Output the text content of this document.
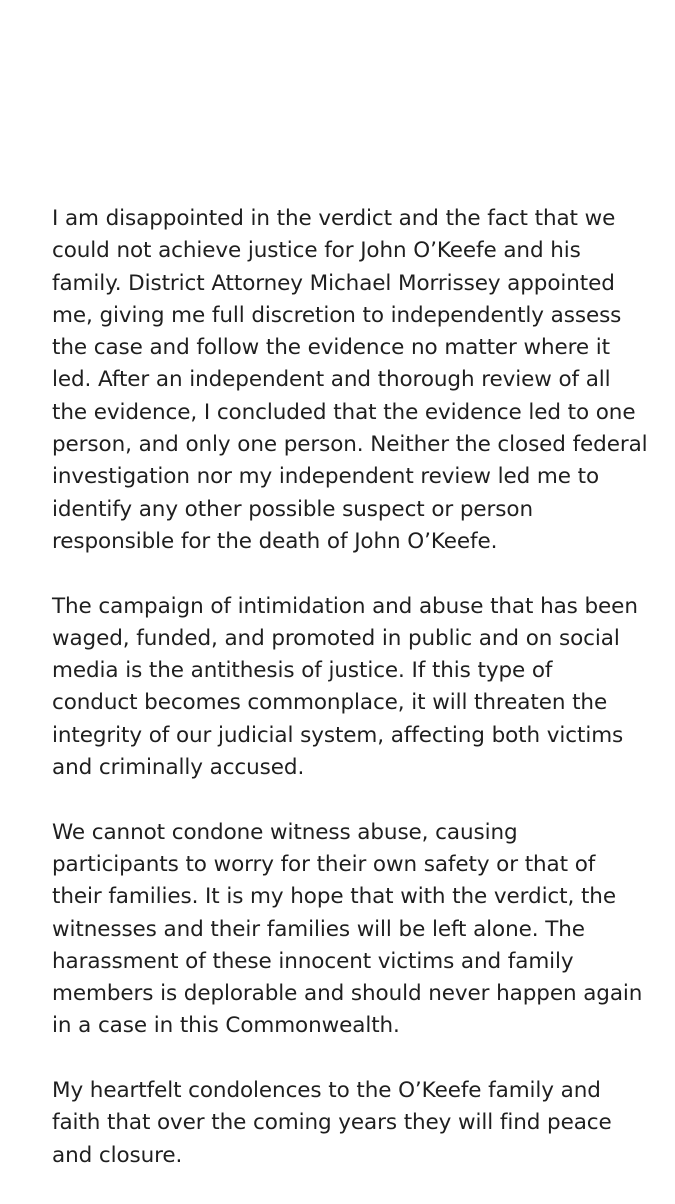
I am disappointed in the verdict and the fact that we
could not achieve justice for John O’Keefe and his
family. District Attorney Michael Morrissey appointed
me, giving me full discretion to independently assess
the case and follow the evidence no matter where it
led. After an independent and thorough review of all
the evidence, I concluded that the evidence led to one
person, and only one person. Neither the closed federal
investigation nor my independent review led me to
identify any other possible suspect or person
responsible for the death of John O’Keefe.

The campaign of intimidation and abuse that has been
waged, funded, and promoted in public and on social
media is the antithesis of justice. If this type of
conduct becomes commonplace, it will threaten the
integrity of our judicial system, affecting both victims
and criminally accused.

We cannot condone witness abuse, causing
participants to worry for their own safety or that of
their families. It is my hope that with the verdict, the
witnesses and their families will be left alone. The
harassment of these innocent victims and family
members is deplorable and should never happen again
in a case in this Commonwealth.

My heartfelt condolences to the O’Keefe family and
faith that over the coming years they will find peace
and closure.
